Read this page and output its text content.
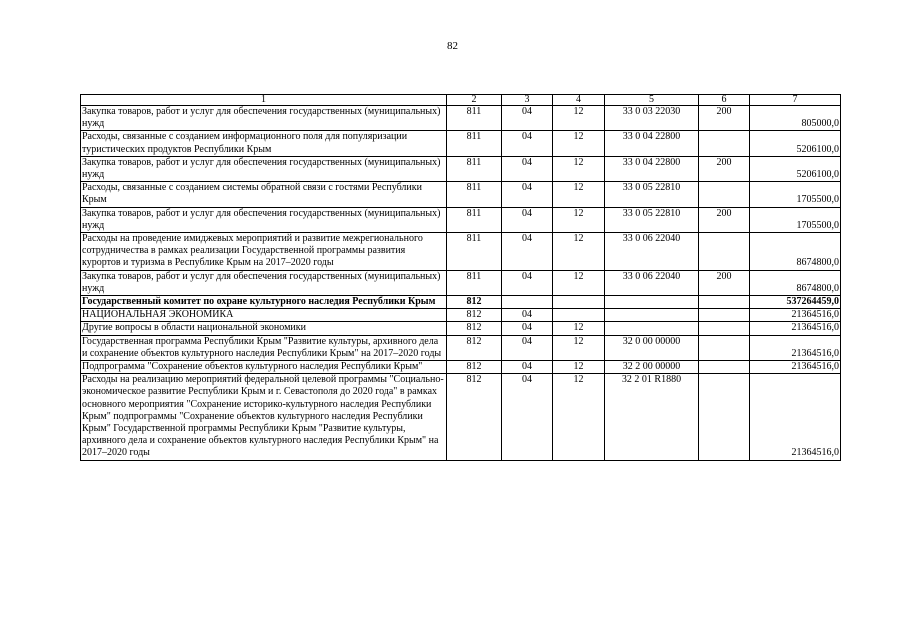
82
1	2	3	4	5	6	7
Закупка товаров, работ и услуг для обеспечения государственных (муниципальных) нужд	811	04	12	33 0 03 22030	200	805000,0
Расходы, связанные с созданием информационного поля для популяризации туристических продуктов Республики Крым	811	04	12	33 0 04 22800		5206100,0
Закупка товаров, работ и услуг для обеспечения государственных (муниципальных) нужд	811	04	12	33 0 04 22800	200	5206100,0
Расходы, связанные с созданием системы обратной связи с гостями Республики Крым	811	04	12	33 0 05 22810		1705500,0
Закупка товаров, работ и услуг для обеспечения государственных (муниципальных) нужд	811	04	12	33 0 05 22810	200	1705500,0
Расходы на проведение имиджевых мероприятий и развитие межрегионального сотрудничества в рамках реализации Государственной программы развития курортов и туризма в Республике Крым на 2017–2020 годы	811	04	12	33 0 06 22040		8674800,0
Закупка товаров, работ и услуг для обеспечения государственных (муниципальных) нужд	811	04	12	33 0 06 22040	200	8674800,0
Государственный комитет по охране культурного наследия Республики Крым	812					537264459,0
НАЦИОНАЛЬНАЯ ЭКОНОМИКА	812	04				21364516,0
Другие вопросы в области национальной экономики	812	04	12			21364516,0
Государственная программа Республики Крым "Развитие культуры, архивного дела и сохранение объектов культурного наследия Республики Крым" на 2017–2020 годы	812	04	12	32 0 00 00000		21364516,0
Подпрограмма "Сохранение объектов культурного наследия Республики Крым"	812	04	12	32 2 00 00000		21364516,0
Расходы на реализацию мероприятий федеральной целевой программы "Социально-экономическое развитие Республики Крым и г. Севастополя до 2020 года" в рамках основного мероприятия "Сохранение историко-культурного наследия Республики Крым" подпрограммы "Сохранение объектов культурного наследия Республики Крым" Государственной программы Республики Крым "Развитие культуры, архивного дела и сохранение объектов культурного наследия Республики Крым" на 2017–2020 годы	812	04	12	32 2 01 R1880		21364516,0
